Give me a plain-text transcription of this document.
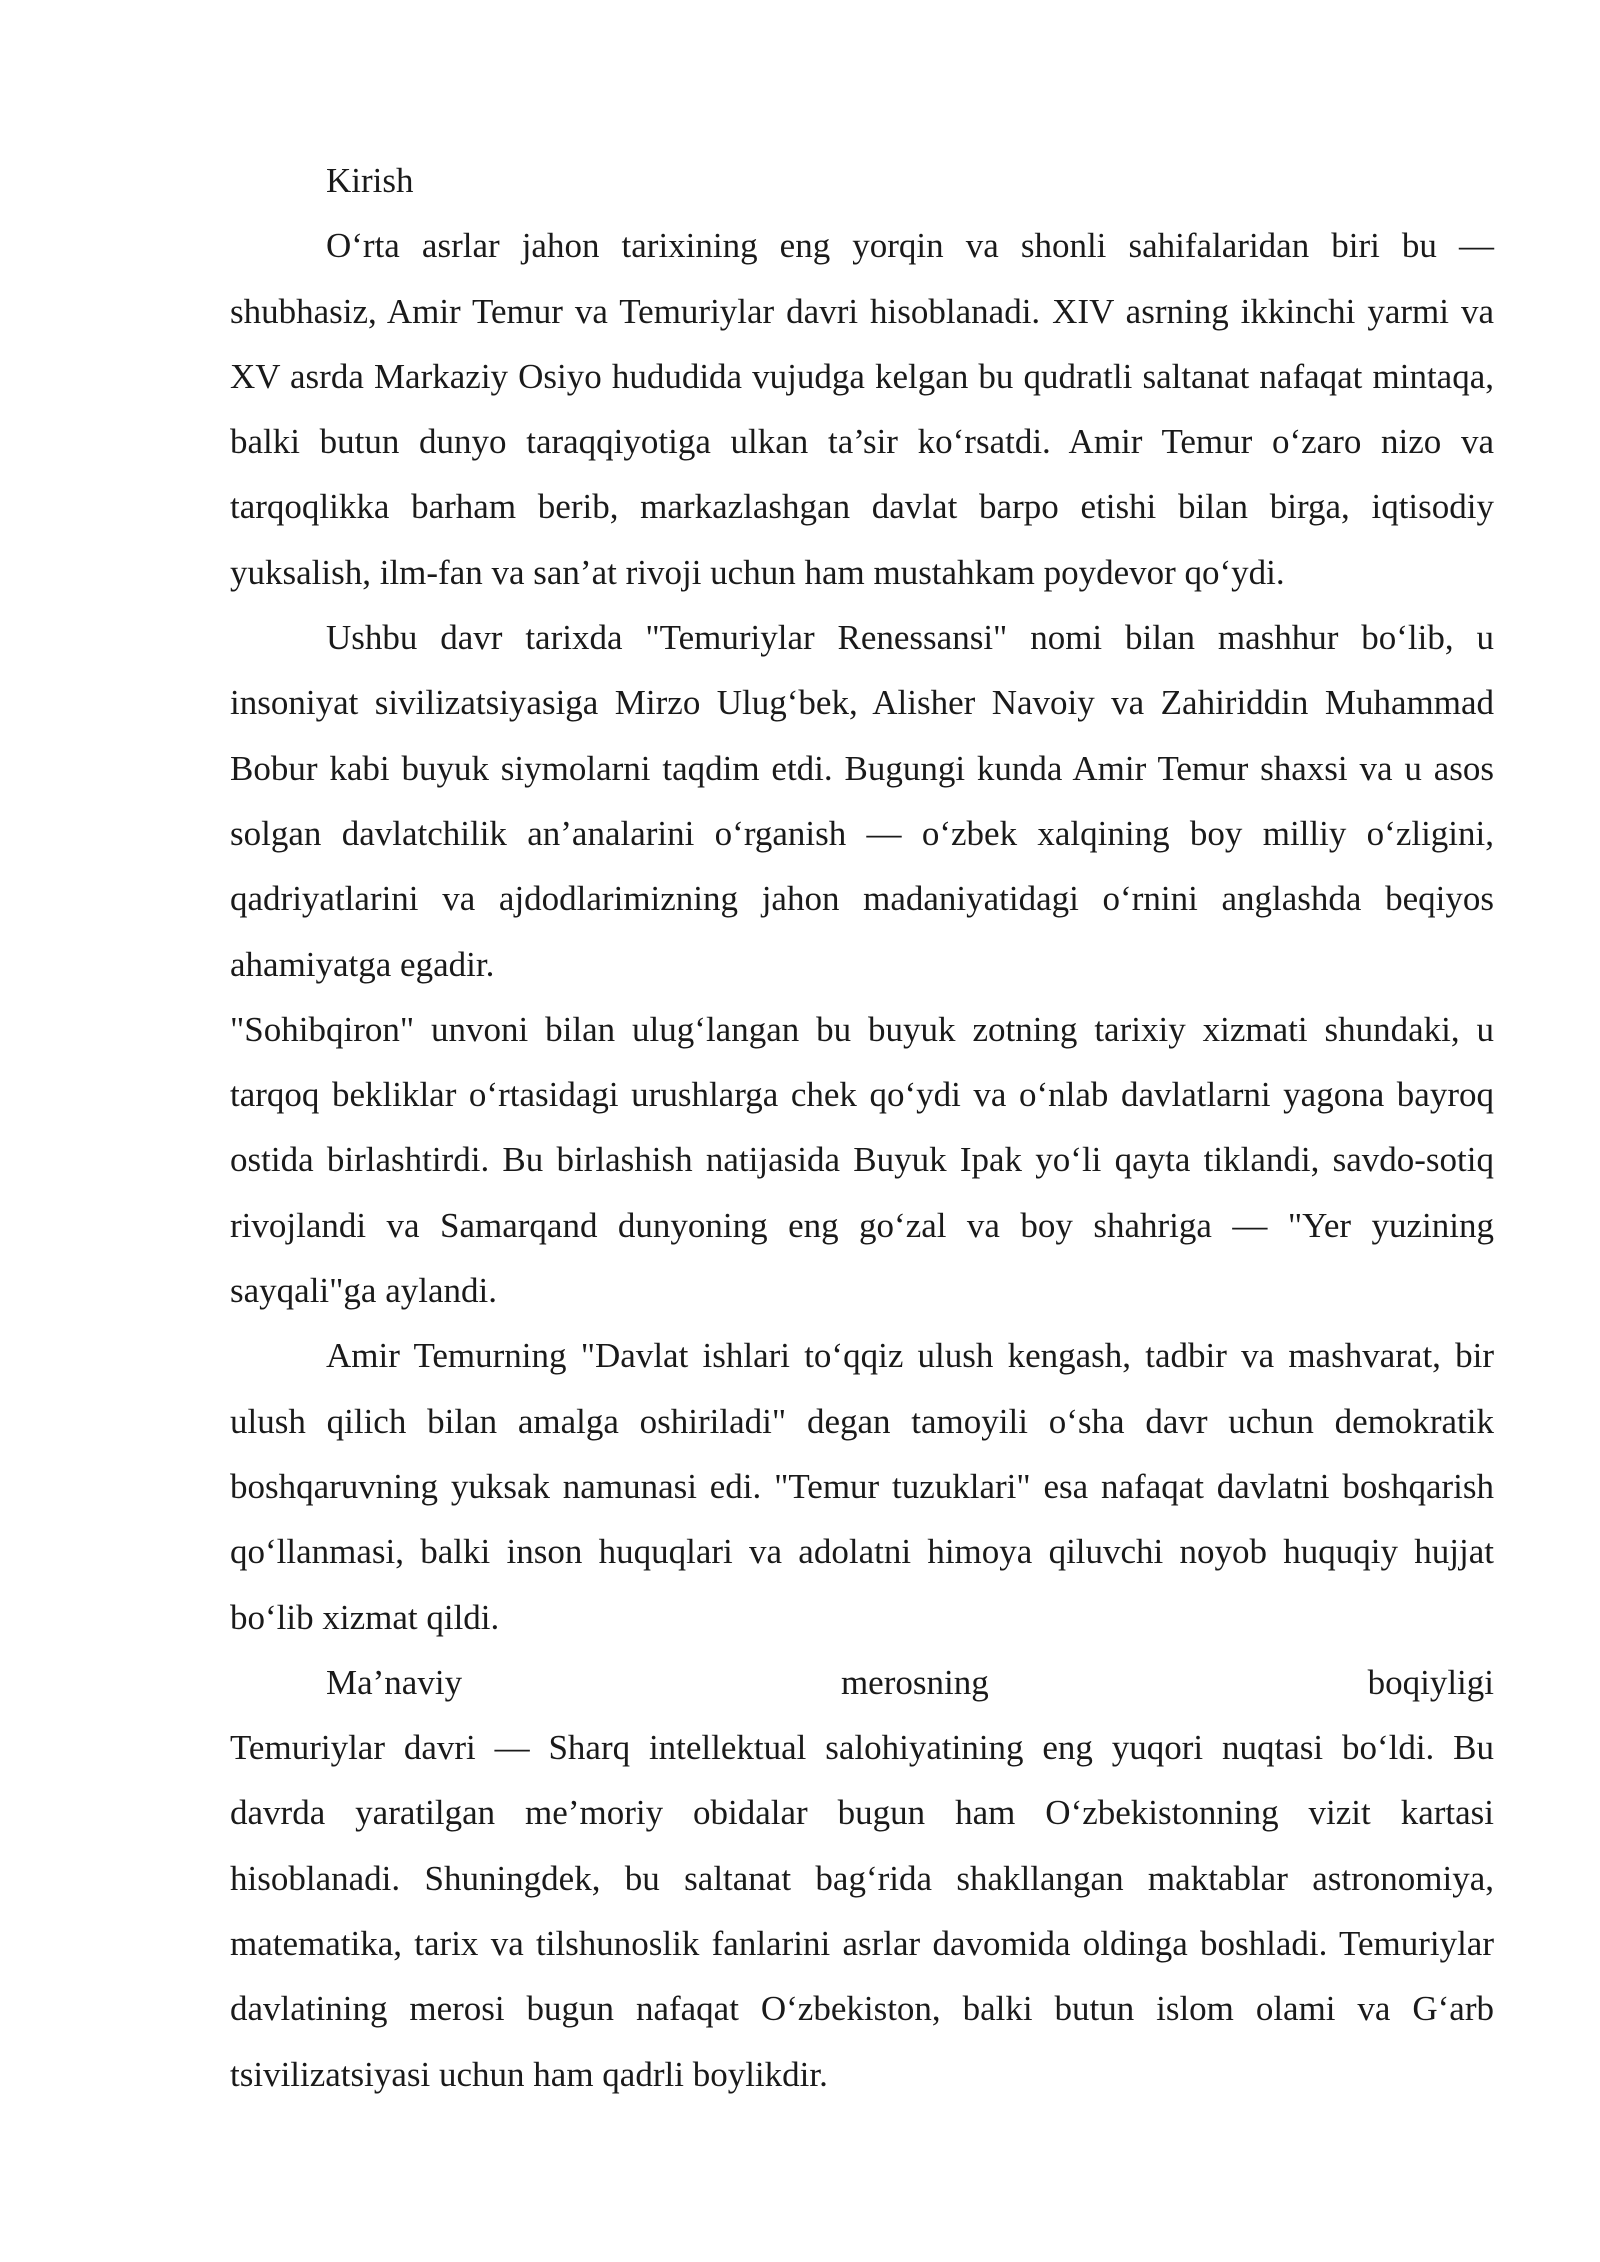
Kirish

O‘rta asrlar jahon tarixining eng yorqin va shonli sahifalaridan biri bu — shubhasiz, Amir Temur va Temuriylar davri hisoblanadi. XIV asrning ikkinchi yarmi va XV asrda Markaziy Osiyo hududida vujudga kelgan bu qudratli saltanat nafaqat mintaqa, balki butun dunyo taraqqiyotiga ulkan ta’sir ko‘rsatdi. Amir Temur o‘zaro nizo va tarqoqlikka barham berib, markazlashgan davlat barpo etishi bilan birga, iqtisodiy yuksalish, ilm-fan va san’at rivoji uchun ham mustahkam poydevor qo‘ydi.

Ushbu davr tarixda "Temuriylar Renessansi" nomi bilan mashhur bo‘lib, u insoniyat sivilizatsiyasiga Mirzo Ulug‘bek, Alisher Navoiy va Zahiriddin Muhammad Bobur kabi buyuk siymolarni taqdim etdi. Bugungi kunda Amir Temur shaxsi va u asos solgan davlatchilik an’analarini o‘rganish — o‘zbek xalqining boy milliy o‘zligini, qadriyatlarini va ajdodlarimizning jahon madaniyatidagi o‘rnini anglashda beqiyos ahamiyatga egadir.

"Sohibqiron" unvoni bilan ulug‘langan bu buyuk zotning tarixiy xizmati shundaki, u tarqoq bekliklar o‘rtasidagi urushlarga chek qo‘ydi va o‘nlab davlatlarni yagona bayroq ostida birlashtirdi. Bu birlashish natijasida Buyuk Ipak yo‘li qayta tiklandi, savdo-sotiq rivojlandi va Samarqand dunyoning eng go‘zal va boy shahriga — "Yer yuzining sayqali"ga aylandi.

Amir Temurning "Davlat ishlari to‘qqiz ulush kengash, tadbir va mashvarat, bir ulush qilich bilan amalga oshiriladi" degan tamoyili o‘sha davr uchun demokratik boshqaruvning yuksak namunasi edi. "Temur tuzuklari" esa nafaqat davlatni boshqarish qo‘llanmasi, balki inson huquqlari va adolatni himoya qiluvchi noyob huquqiy hujjat bo‘lib xizmat qildi.

Ma’naviy merosning boqiyligi

Temuriylar davri — Sharq intellektual salohiyatining eng yuqori nuqtasi bo‘ldi. Bu davrda yaratilgan me’moriy obidalar bugun ham O‘zbekistonning vizit kartasi hisoblanadi. Shuningdek, bu saltanat bag‘rida shakllangan maktablar astronomiya, matematika, tarix va tilshunoslik fanlarini asrlar davomida oldinga boshladi. Temuriylar davlatining merosi bugun nafaqat O‘zbekiston, balki butun islom olami va G‘arb tsivilizatsiyasi uchun ham qadrli boylikdir.
